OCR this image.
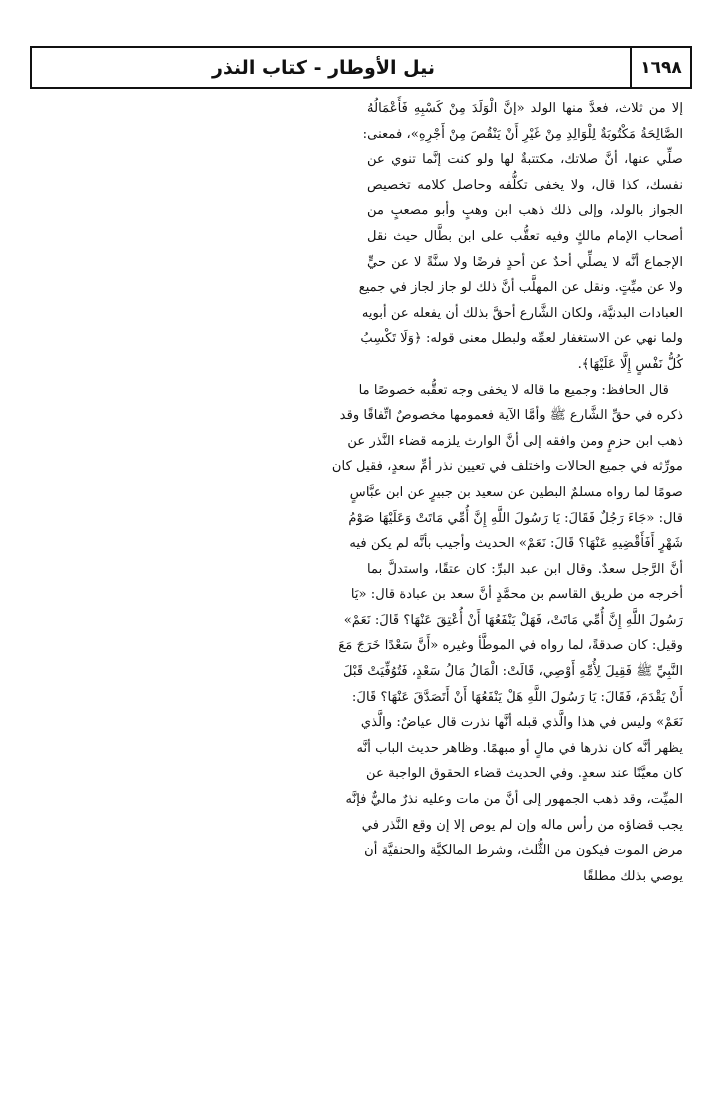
١٦٩٨
نيل الأوطار - كتاب النذر
إلا من ثلاث، فعدَّ منها الولد «إنَّ الْوَلَدَ مِنْ كَسْبِهِ فَأَعْمَالُهُ
الصَّالِحَةُ مَكْتُوبَةٌ لِلْوَالِدِ مِنْ غَيْرِ أَنْ يَنْقُصَ مِنْ أَجْرِهِ»، فمعنى:
صلِّي عنها، أنَّ صلاتك، مكتتبةٌ لها ولو كنت إنَّما تنوي عن
نفسك، كذا قال، ولا يخفى تكلُّفه وحاصل كلامه تخصيص
الجواز بالولد، وإلى ذلك ذهب ابن وهبٍ وأبو مصعبٍ من
أصحاب الإمام مالكٍ وفيه تعقُّب على ابن بطَّال حيث نقل
الإجماع أنَّه لا يصلِّي أحدٌ عن أحدٍ فرضًا ولا سنَّةً لا عن حيٍّ
ولا عن ميِّتٍ. ونقل عن المهلَّب أنَّ ذلك لو جاز لجاز في جميع
العبادات البدنيَّة، ولكان الشَّارع أحقَّ بذلك أن يفعله عن أبويه
ولما نهي عن الاستغفار لعمِّه ولبطل معنى قوله: ﴿وَلَا تَكْسِبُ
كُلُّ نَفْسٍ إِلَّا عَلَيْهَا﴾.
قال الحافظ: وجميع ما قاله لا يخفى وجه تعقُّبه خصوصًا ما
ذكره في حقِّ الشَّارع ﷺ وأمَّا الآية فعمومها مخصوصٌ اتِّفاقًا وقد
ذهب ابن حزمٍ ومن وافقه إلى أنَّ الوارث يلزمه قضاء النَّذر عن
مورِّثه في جميع الحالات واختلف في تعيين نذر أمِّ سعدٍ، فقيل كان
صومًا لما رواه مسلمٌ البطين عن سعيد بن جبيرٍ عن ابن عبَّاسٍ
قال: «جَاءَ رَجُلٌ فَقَالَ: يَا رَسُولَ اللَّهِ إِنَّ أُمِّي مَاتَتْ وَعَلَيْهَا صَوْمُ
شَهْرٍ أَفَأَقْضِيهِ عَنْهَا؟ قَالَ: نَعَمْ» الحديث وأجيب بأنَّه لم يكن فيه
أنَّ الرَّجل سعدٌ. وقال ابن عبد البرِّ: كان عتقًا، واستدلَّ بما
أخرجه من طريق القاسم بن محمَّدٍ أنَّ سعد بن عبادة قال: «يَا
رَسُولَ اللَّهِ إِنَّ أُمِّي مَاتَتْ، فَهَلْ يَنْفَعُهَا أَنْ أُعْتِقَ عَنْهَا؟ قَالَ: نَعَمْ»
وقيل: كان صدقةً، لما رواه في الموطَّأ وغيره «أَنَّ سَعْدًا خَرَجَ مَعَ
النَّبِيِّ ﷺ فَقِيلَ لِأُمِّهِ أَوْصِي، قَالَتْ: الْمَالُ مَالُ سَعْدٍ، فَتُوُفِّيَتْ قَبْلَ
أَنْ يَقْدَمَ، فَقَالَ: يَا رَسُولَ اللَّهِ هَلْ يَنْفَعُهَا أَنْ أَتَصَدَّقَ عَنْهَا؟ قَالَ:
نَعَمْ» وليس في هذا والَّذي قبله أنَّها نذرت قال عياضٌ: والَّذي
يظهر أنَّه كان نذرها في مالٍ أو مبهمًا. وظاهر حديث الباب أنَّه
كان معيَّنًا عند سعدٍ. وفي الحديث قضاء الحقوق الواجبة عن
الميِّت، وقد ذهب الجمهور إلى أنَّ من مات وعليه نذرٌ ماليٌّ فإنَّه
يجب قضاؤه من رأس ماله وإن لم يوص إلا إن وقع النَّذر في
مرض الموت فيكون من الثُّلث، وشرط المالكيَّة والحنفيَّة أن
يوصي بذلك مطلقًا
